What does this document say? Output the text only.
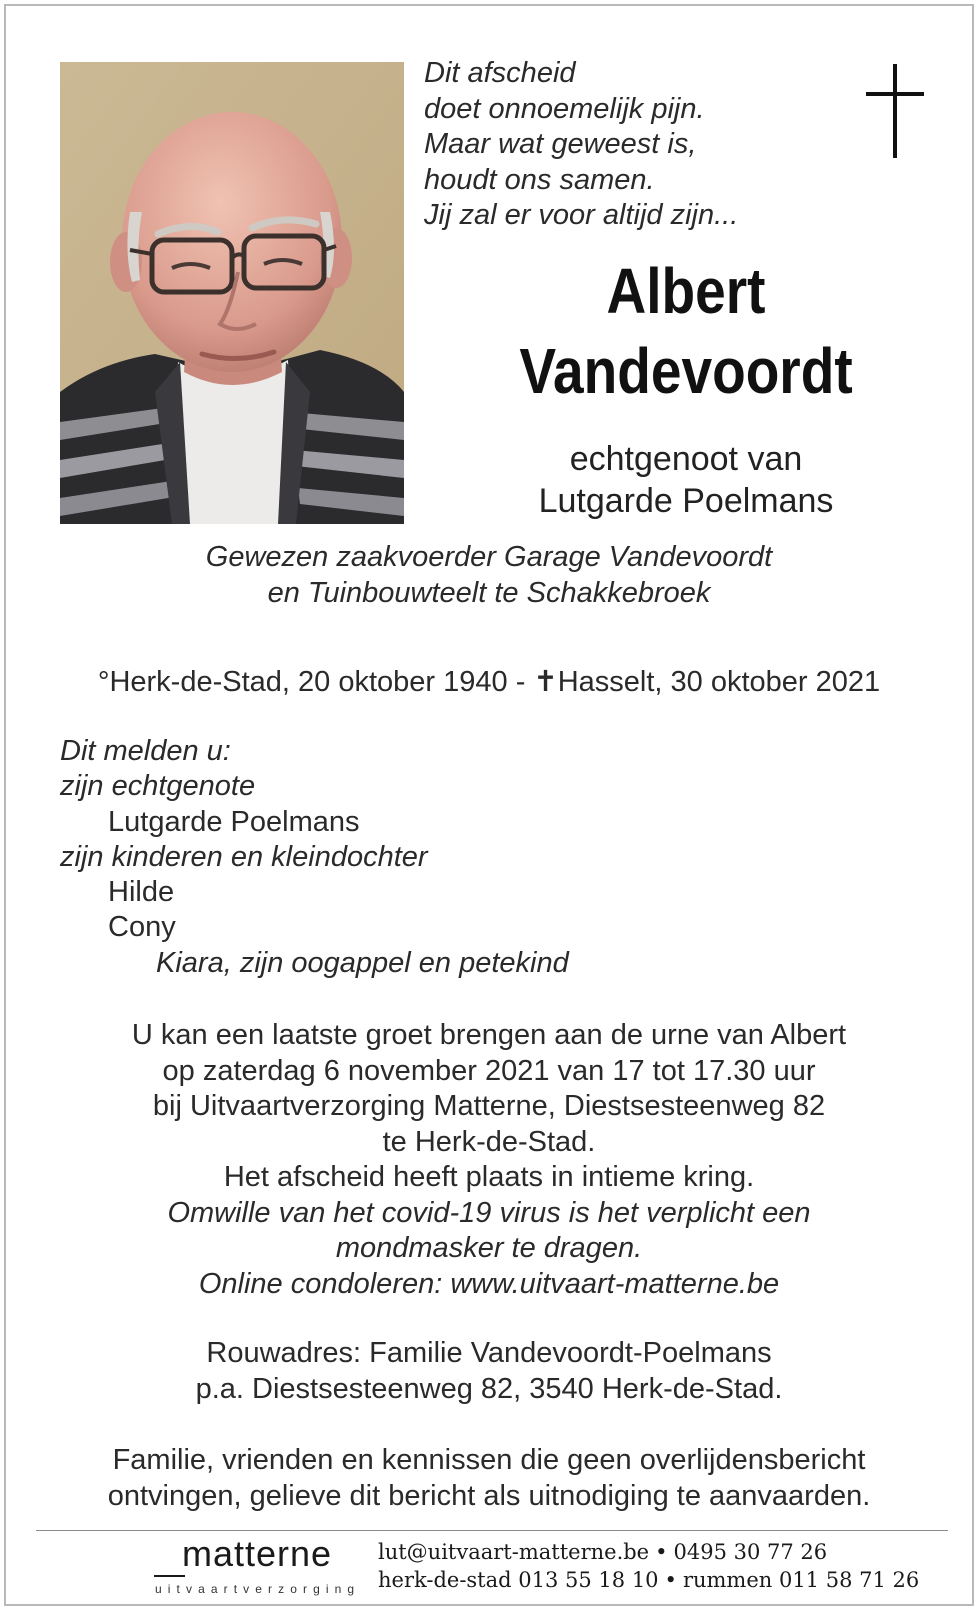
Dit afscheid
doet onnoemelijk pijn.
Maar wat geweest is,
houdt ons samen.
Jij zal er voor altijd zijn...
Albert
Vandevoordt
echtgenoot van
Lutgarde Poelmans
Gewezen zaakvoerder Garage Vandevoordt
en Tuinbouwteelt te Schakkebroek
°Herk-de-Stad, 20 oktober 1940 - ✝Hasselt, 30 oktober 2021
Dit melden u:
zijn echtgenote
Lutgarde Poelmans
zijn kinderen en kleindochter
Hilde
Cony
Kiara, zijn oogappel en petekind
U kan een laatste groet brengen aan de urne van Albert
op zaterdag 6 november 2021 van 17 tot 17.30 uur
bij Uitvaartverzorging Matterne, Diestsesteenweg 82
te Herk-de-Stad.
Het afscheid heeft plaats in intieme kring.
Omwille van het covid-19 virus is het verplicht een
mondmasker te dragen.
Online condoleren: www.uitvaart-matterne.be
Rouwadres: Familie Vandevoordt-Poelmans
p.a. Diestsesteenweg 82, 3540 Herk-de-Stad.
Familie, vrienden en kennissen die geen overlijdensbericht
ontvingen, gelieve dit bericht als uitnodiging te aanvaarden.
matterne
uitvaartverzorging
lut@uitvaart-matterne.be • 0495 30 77 26
herk-de-stad 013 55 18 10 • rummen 011 58 71 26
